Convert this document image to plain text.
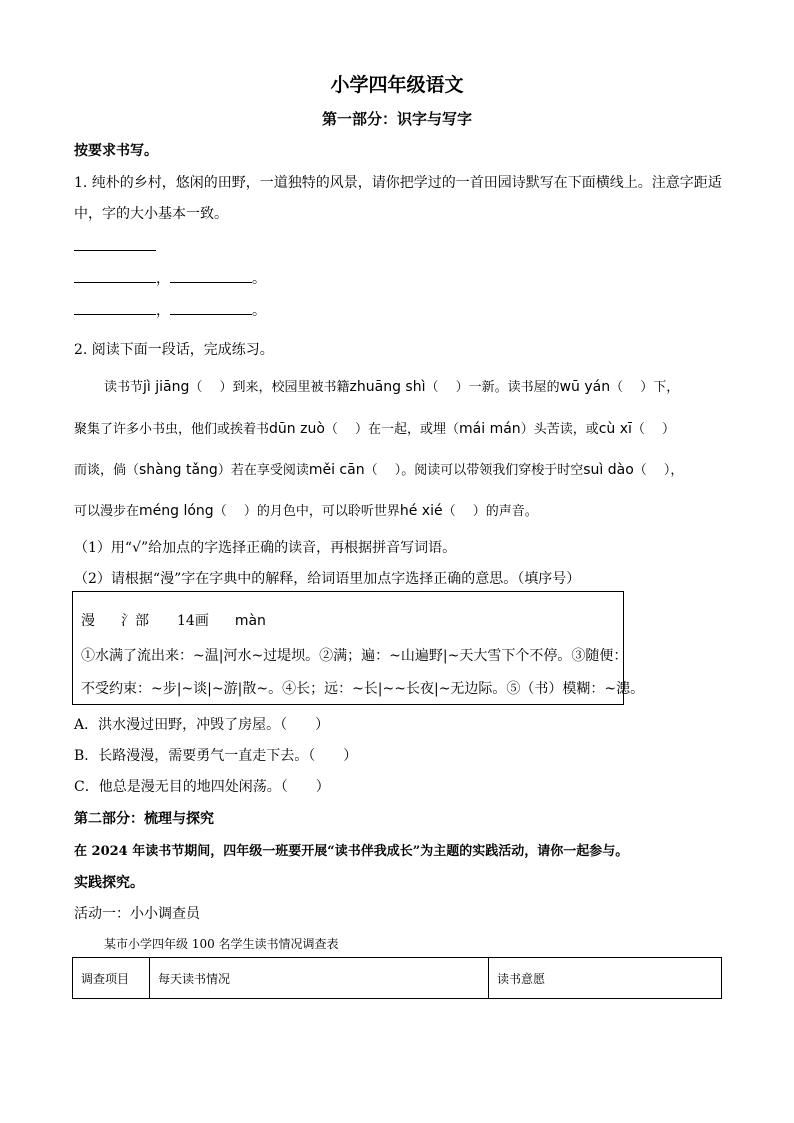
小学四年级语文
第一部分：识字与写字
按要求书写。
1. 纯朴的乡村，悠闲的田野，一道独特的风景，请你把学过的一首田园诗默写在下面横线上。注意字距适
中，字的大小基本一致。
，	。
，	。
2. 阅读下面一段话，完成练习。
读书节jì jiāng（　 ）到来，校园里被书籍zhuāng shì（　 ）一新。读书屋的wū yán（　 ）下，
聚集了许多小书虫，他们或挨着书dūn zuò（　 ）在一起，或埋（mái mán）头苦读，或cù xī（　 ）
而谈，倘（shàng tǎng）若在享受阅读měi cān（　 ）。阅读可以带领我们穿梭于时空suì dào（　 ），
可以漫步在méng lóng（　 ）的月色中，可以聆听世界hé xié（　 ）的声音。
（1）用“√”给加点的字选择正确的读音，再根据拼音写词语。
（2）请根据“漫”字在字典中的解释，给词语里加点字选择正确的意思。（填序号）
漫 氵部 14画 màn
①水满了流出来：~温|河水~过堤坝。②满；遍：~山遍野|~天大雪下个不停。③随便：
不受约束：~步|~谈|~游|散~。④长；远：~长|~~长夜|~无边际。⑤（书）模糊：~漶。
A．洪水漫过田野，冲毁了房屋。（　　）
B．长路漫漫，需要勇气一直走下去。（　　）
C．他总是漫无目的地四处闲荡。（　　）
第二部分：梳理与探究
在 2024 年读书节期间，四年级一班要开展“读书伴我成长”为主题的实践活动，请你一起参与。
实践探究。
活动一：小小调查员
某市小学四年级 100 名学生读书情况调查表
调查项目	每天读书情况	读书意愿
